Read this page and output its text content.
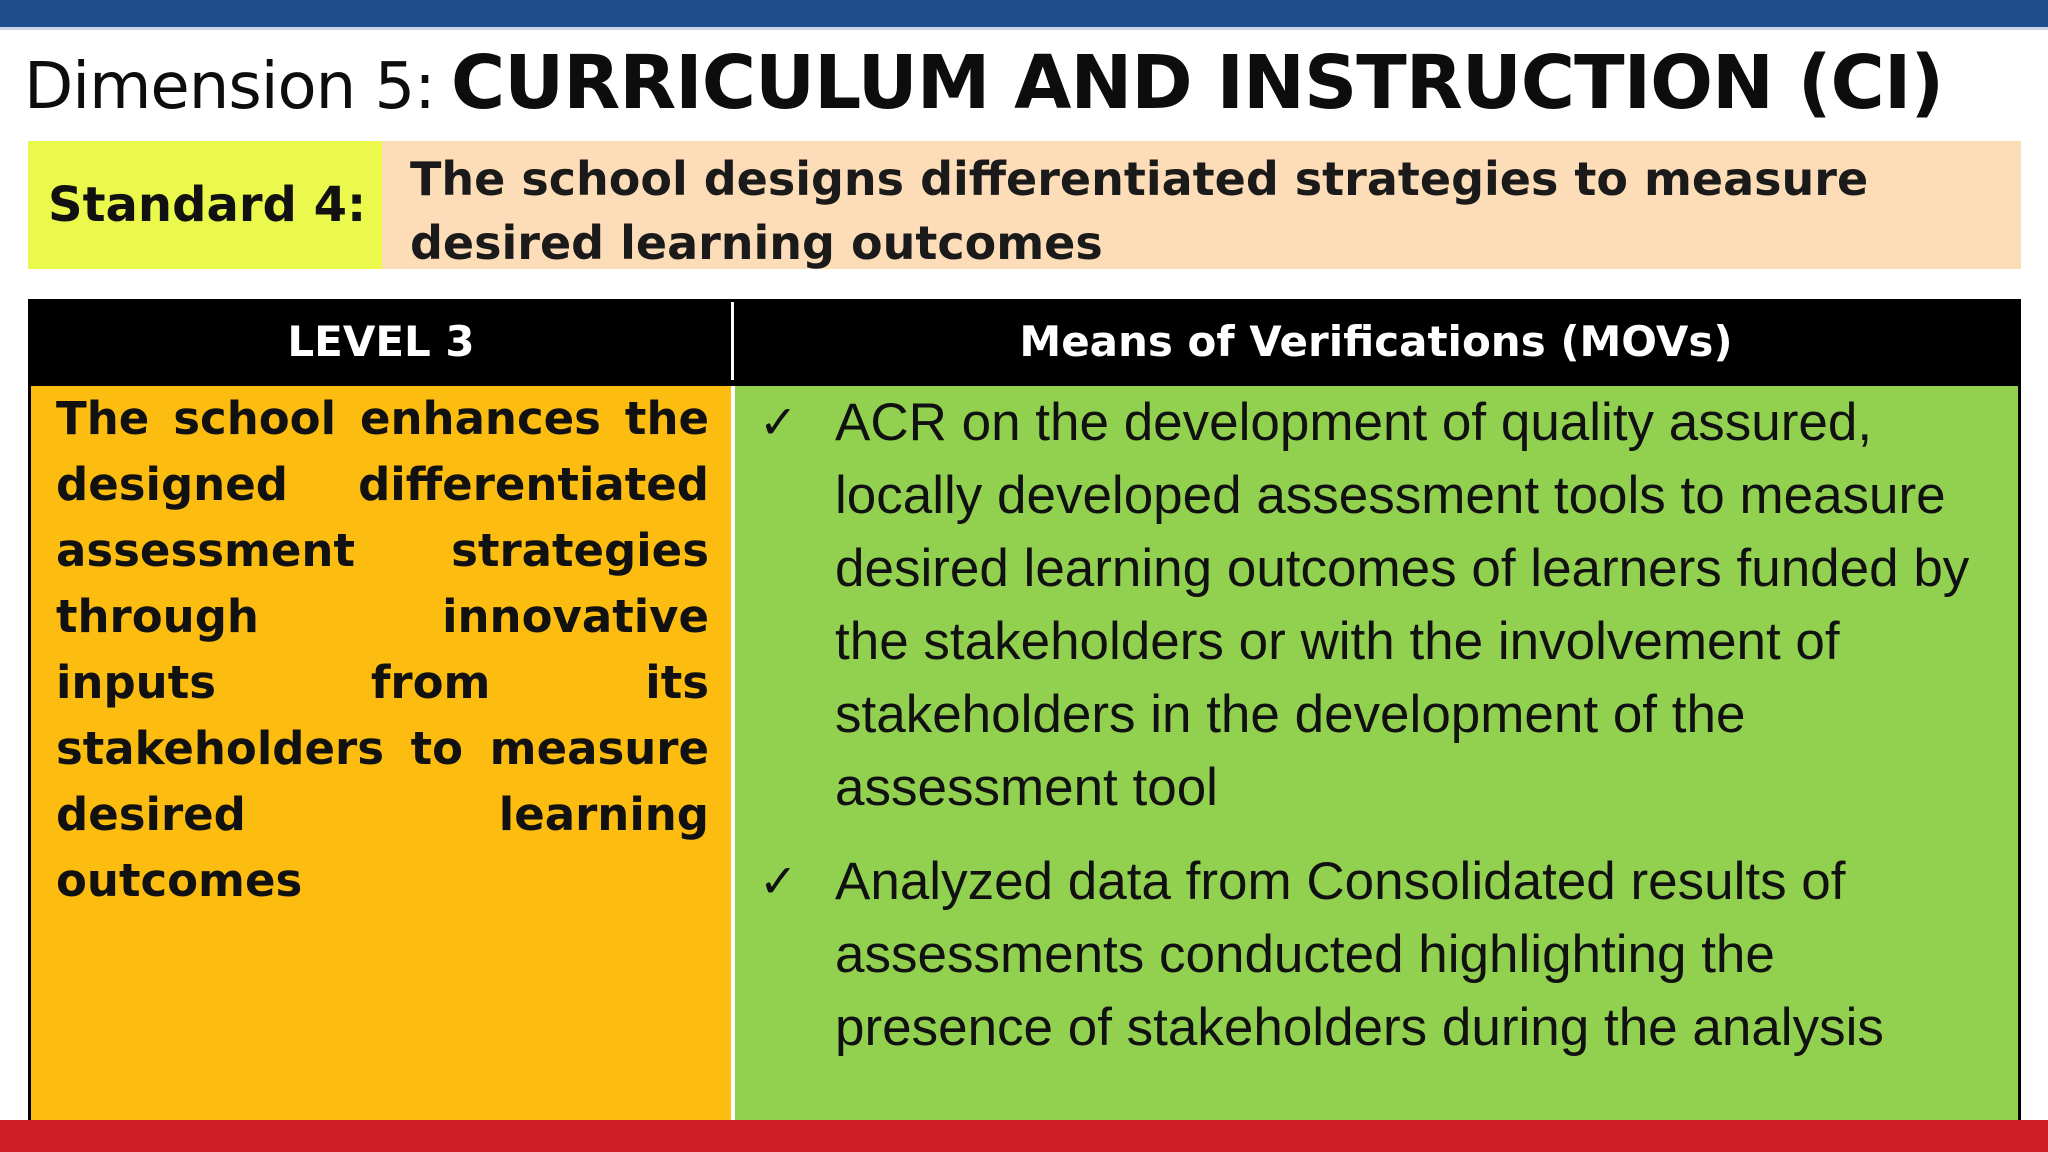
Dimension 5: CURRICULUM AND INSTRUCTION (CI)
Standard 4: The school designs differentiated strategies to measure desired learning outcomes
LEVEL 3	Means of Verifications (MOVs)
The school enhances the designed differentiated assessment strategies through innovative inputs from its stakeholders to measure desired learning outcomes
✓ ACR on the development of quality assured, locally developed assessment tools to measure desired learning outcomes of learners funded by the stakeholders or with the involvement of stakeholders in the development of the assessment tool
✓ Analyzed data from Consolidated results of assessments conducted highlighting the presence of stakeholders during the analysis
